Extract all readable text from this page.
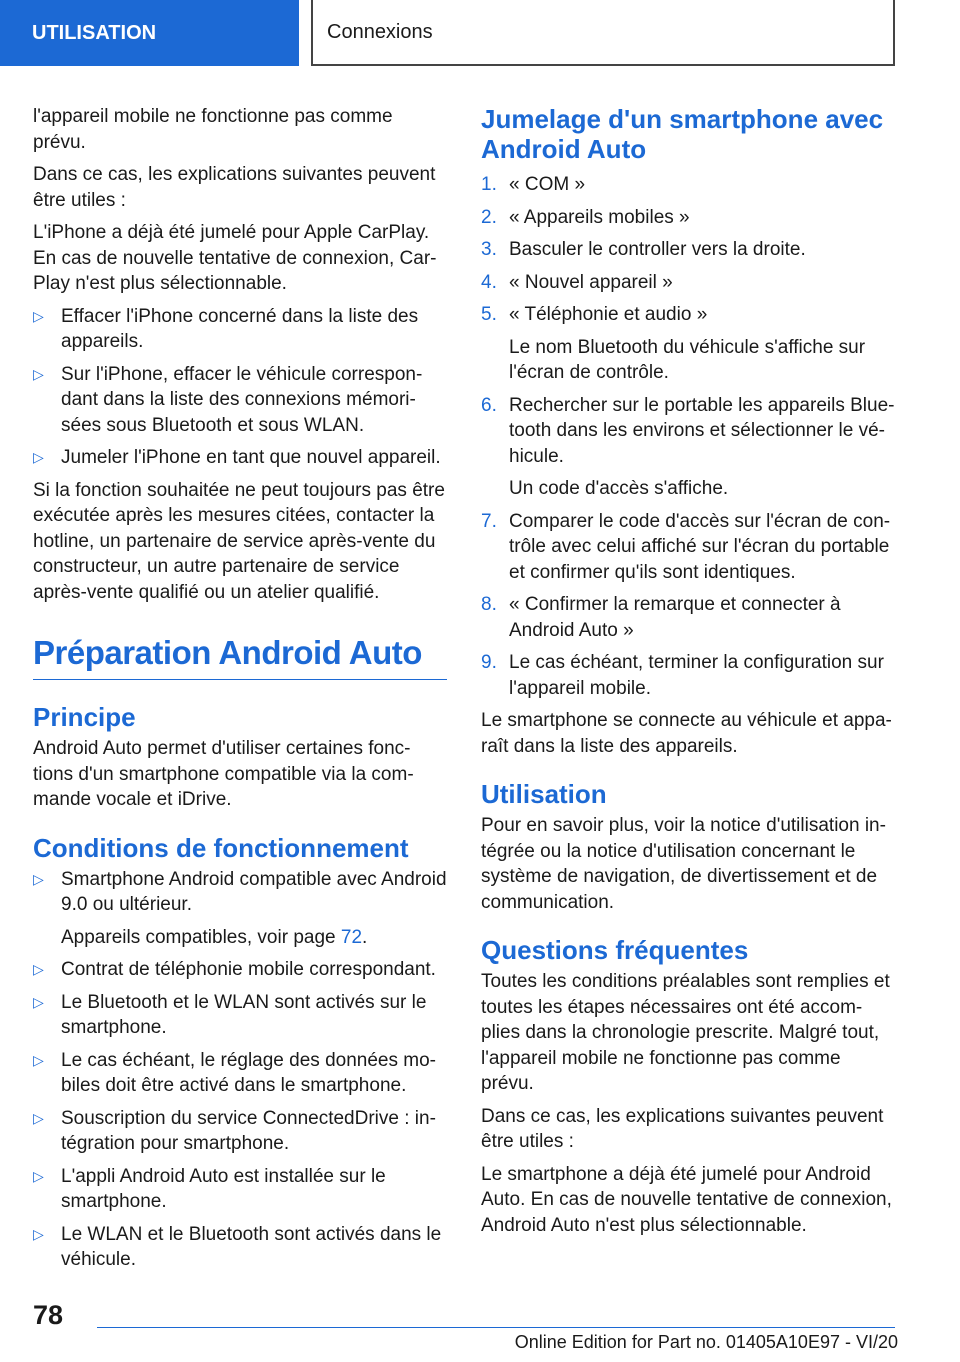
UTILISATION	Connexions

l'appareil mobile ne fonctionne pas comme prévu.

Dans ce cas, les explications suivantes peuvent être utiles :

L'iPhone a déjà été jumelé pour Apple CarPlay. En cas de nouvelle tentative de connexion, Car-Play n'est plus sélectionnable.

▷ Effacer l'iPhone concerné dans la liste des appareils.
▷ Sur l'iPhone, effacer le véhicule correspon-dant dans la liste des connexions mémori-sées sous Bluetooth et sous WLAN.
▷ Jumeler l'iPhone en tant que nouvel appareil.

Si la fonction souhaitée ne peut toujours pas être exécutée après les mesures citées, contacter la hotline, un partenaire de service après-vente du constructeur, un autre partenaire de service après-vente qualifié ou un atelier qualifié.

Préparation Android Auto
Principe

Android Auto permet d'utiliser certaines fonc-tions d'un smartphone compatible via la com-mande vocale et iDrive.

Conditions de fonctionnement
▷ Smartphone Android compatible avec Android 9.0 ou ultérieur.
Appareils compatibles, voir page 72.
▷ Contrat de téléphonie mobile correspondant.
▷ Le Bluetooth et le WLAN sont activés sur le smartphone.
▷ Le cas échéant, le réglage des données mo-biles doit être activé dans le smartphone.
▷ Souscription du service ConnectedDrive : in-tégration pour smartphone.
▷ L'appli Android Auto est installée sur le smartphone.
▷ Le WLAN et le Bluetooth sont activés dans le véhicule.
Jumelage d'un smartphone avec Android Auto
1. « COM »
2. « Appareils mobiles »
3. Basculer le controller vers la droite.
4. « Nouvel appareil »
5. « Téléphonie et audio »
Le nom Bluetooth du véhicule s'affiche sur l'écran de contrôle.
6. Rechercher sur le portable les appareils Blue-tooth dans les environs et sélectionner le vé-hicule.
Un code d'accès s'affiche.
7. Comparer le code d'accès sur l'écran de con-trôle avec celui affiché sur l'écran du portable et confirmer qu'ils sont identiques.
8. « Confirmer la remarque et connecter à Android Auto »
9. Le cas échéant, terminer la configuration sur l'appareil mobile.

Le smartphone se connecte au véhicule et appa-raît dans la liste des appareils.

Utilisation

Pour en savoir plus, voir la notice d'utilisation in-tégrée ou la notice d'utilisation concernant le système de navigation, de divertissement et de communication.

Questions fréquentes

Toutes les conditions préalables sont remplies et toutes les étapes nécessaires ont été accom-plies dans la chronologie prescrite. Malgré tout, l'appareil mobile ne fonctionne pas comme prévu.

Dans ce cas, les explications suivantes peuvent être utiles :

Le smartphone a déjà été jumelé pour Android Auto. En cas de nouvelle tentative de connexion, Android Auto n'est plus sélectionnable.

78
Online Edition for Part no. 01405A10E97 - VI/20
